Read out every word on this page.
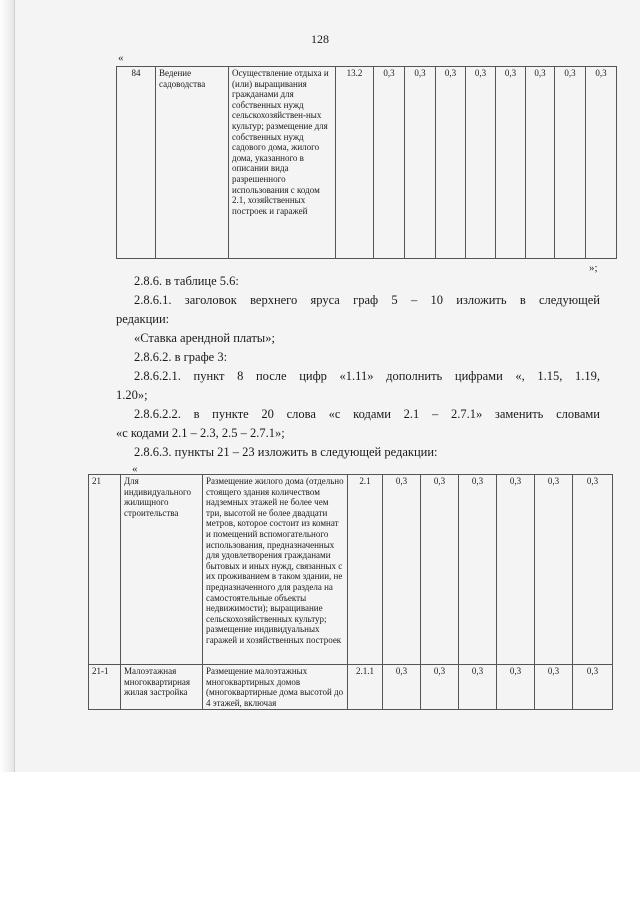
128
«
84	Ведение садоводства	Осуществление отдыха и (или) выращивания гражданами для собственных нужд сельскохозяйствен-ных культур; размещение для собственных нужд садового дома, жилого дома, указанного в описании вида разрешенного использования с кодом 2.1, хозяйственных построек и гаражей	13.2	0,3	0,3	0,3	0,3	0,3	0,3	0,3	0,3
»;
2.8.6. в таблице 5.6:
2.8.6.1. заголовок верхнего яруса граф 5 – 10 изложить в следующей
редакции:
«Ставка арендной платы»;
2.8.6.2. в графе 3:
2.8.6.2.1. пункт 8 после цифр «1.11» дополнить цифрами «, 1.15, 1.19,
1.20»;
2.8.6.2.2. в пункте 20 слова «с кодами 2.1 – 2.7.1» заменить словами
«с кодами 2.1 – 2.3, 2.5 – 2.7.1»;
2.8.6.3. пункты 21 – 23 изложить в следующей редакции:
«
21	Для индивидуального жилищного строительства	Размещение жилого дома (отдельно стоящего здания количеством надземных этажей не более чем три, высотой не более двадцати метров, которое состоит из комнат и помещений вспомогательного использования, предназначенных для удовлетворения гражданами бытовых и иных нужд, связанных с их проживанием в таком здании, не предназначенного для раздела на самостоятельные объекты недвижимости); выращивание сельскохозяйственных культур; размещение индивидуальных гаражей и хозяйственных построек	2.1	0,3	0,3	0,3	0,3	0,3	0,3
21-1	Малоэтажная многоквартирная жилая застройка	Размещение малоэтажных многоквартирных домов (многоквартирные дома высотой до 4 этажей, включая	2.1.1	0,3	0,3	0,3	0,3	0,3	0,3
